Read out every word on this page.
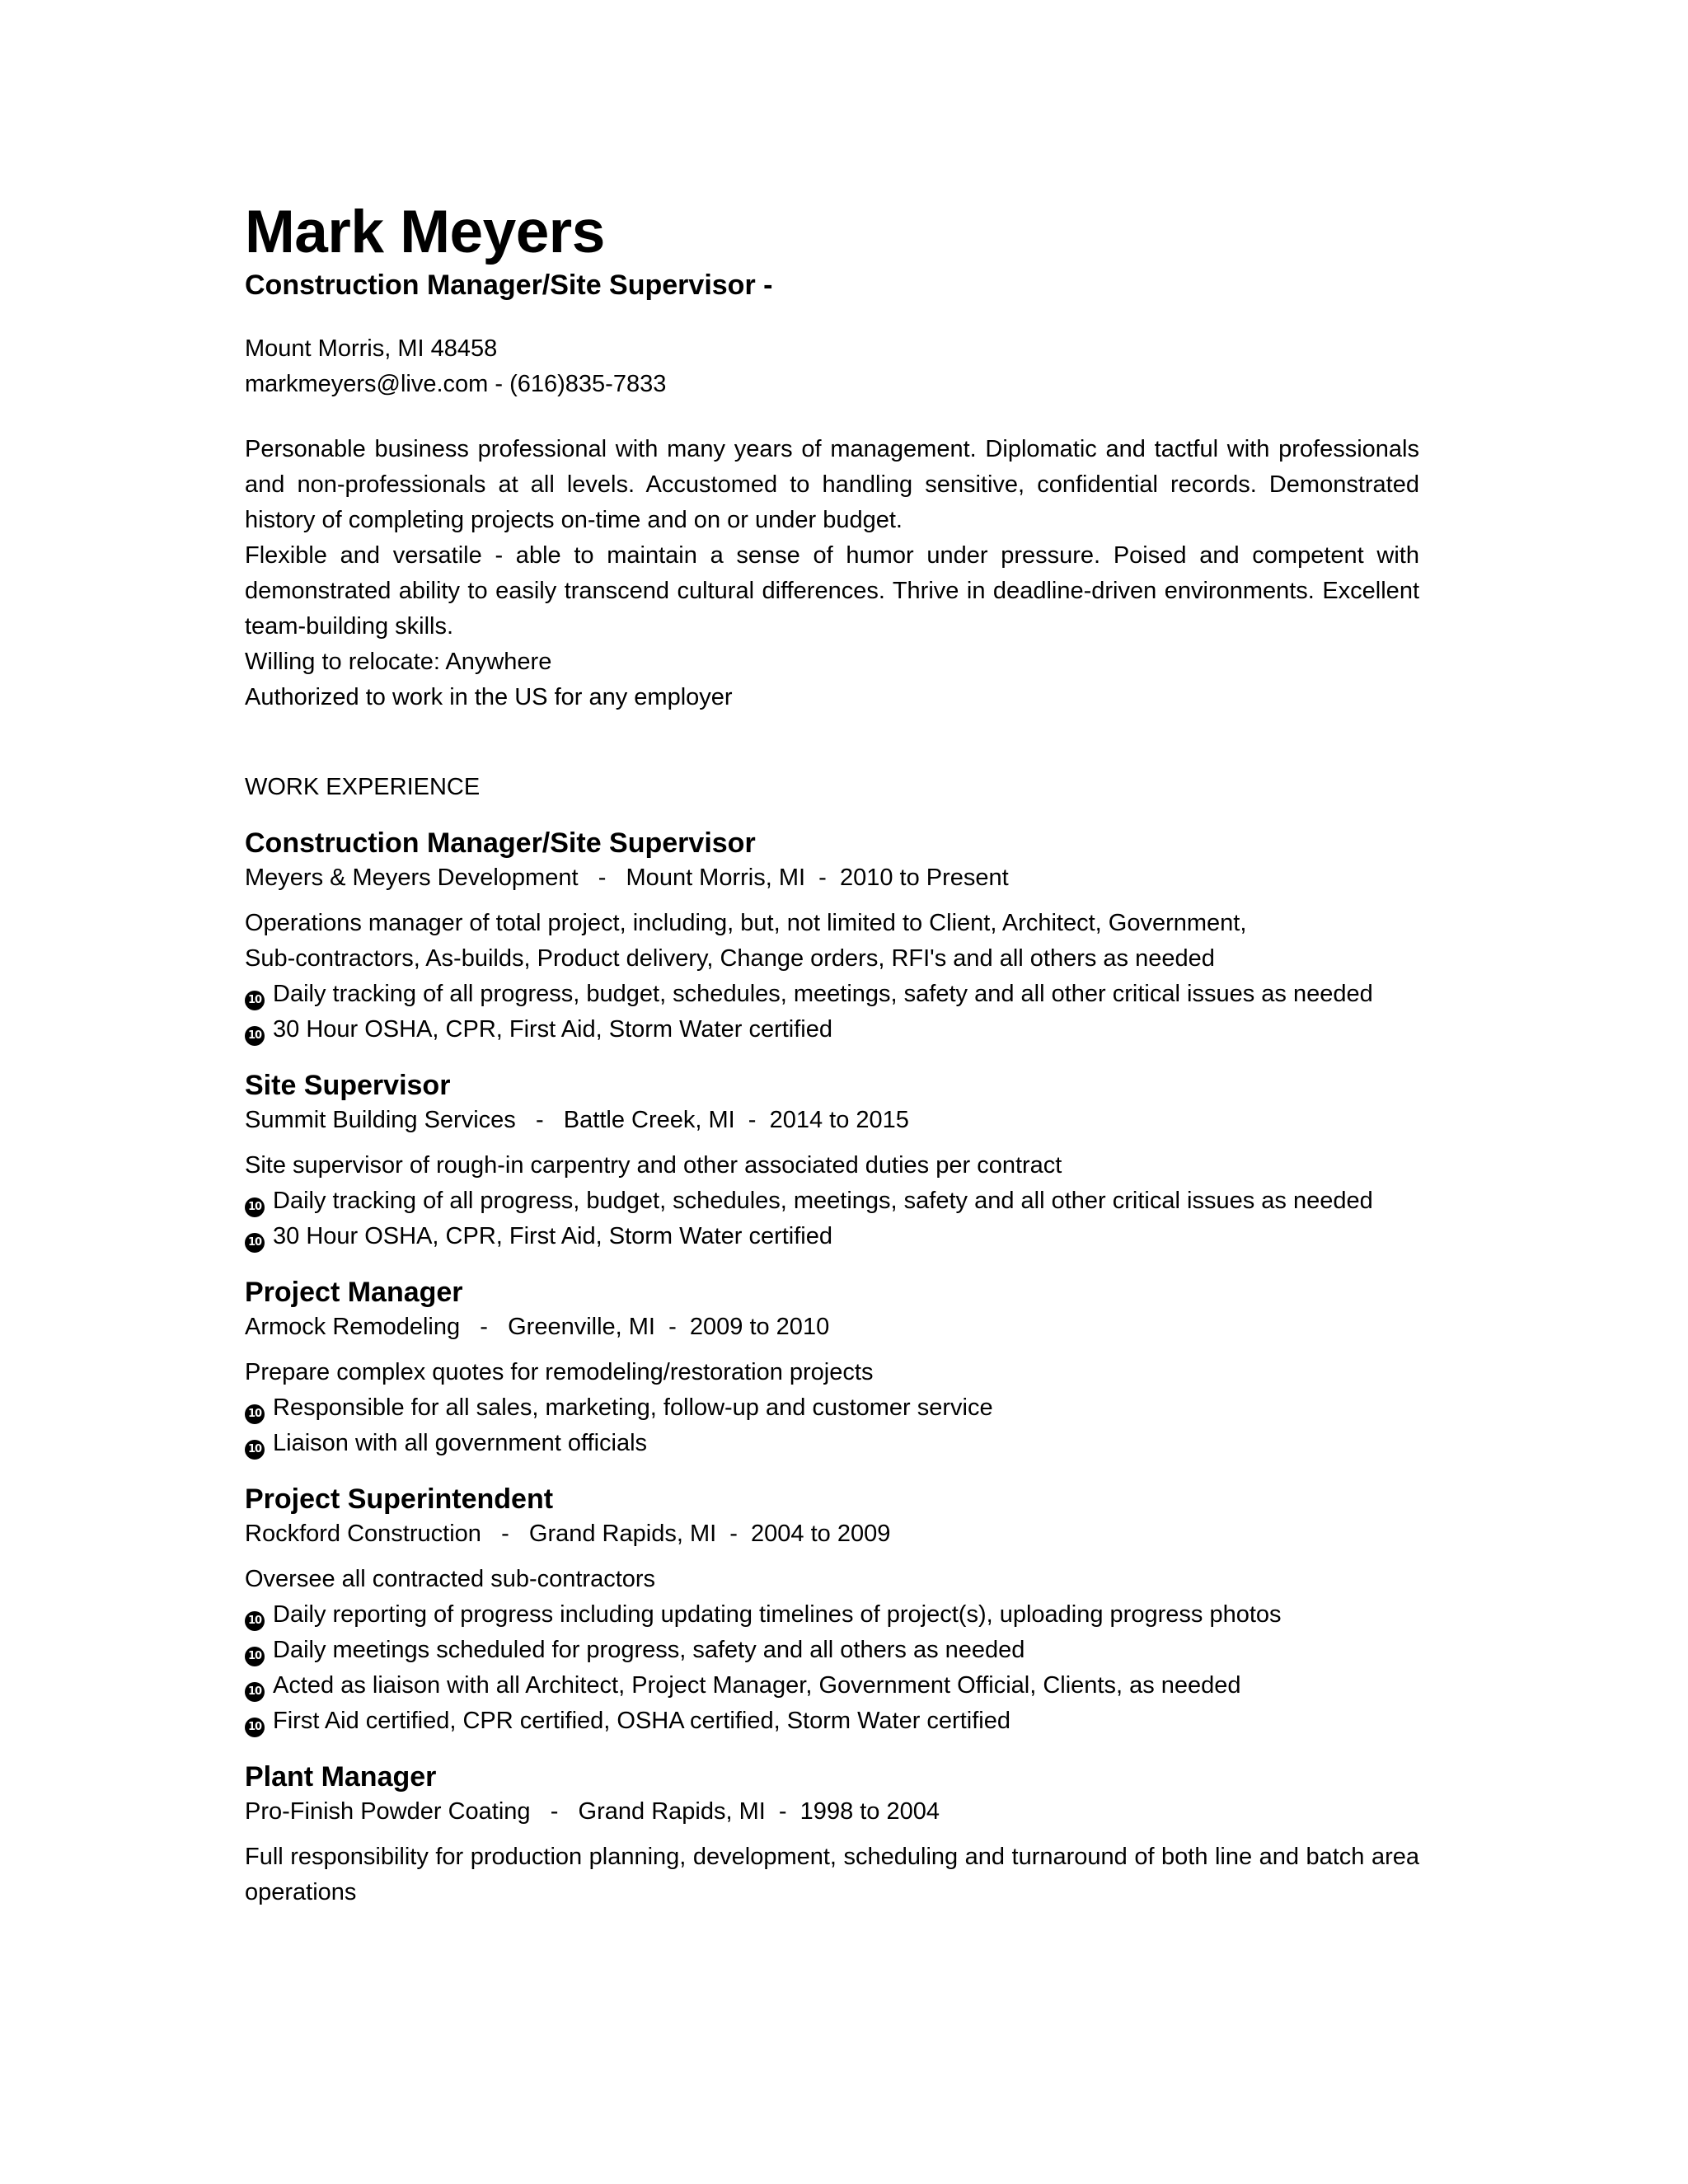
Mark Meyers
Construction Manager/Site Supervisor -
Mount Morris, MI 48458
markmeyers@live.com - (616)835-7833

Personable business professional with many years of management. Diplomatic and tactful with professionals and non-professionals at all levels. Accustomed to handling sensitive, confidential records. Demonstrated history of completing projects on-time and on or under budget.

Flexible and versatile - able to maintain a sense of humor under pressure. Poised and competent with demonstrated ability to easily transcend cultural differences. Thrive in deadline-driven environments. Excellent team-building skills.

Willing to relocate: Anywhere

Authorized to work in the US for any employer

WORK EXPERIENCE
Construction Manager/Site Supervisor
Meyers & Meyers Development   -   Mount Morris, MI  -  2010 to Present

Operations manager of total project, including, but, not limited to Client, Architect, Government, Sub-contractors, As-builds, Product delivery, Change orders, RFI's and all others as needed

10 Daily tracking of all progress, budget, schedules, meetings, safety and all other critical issues as needed
10 30 Hour OSHA, CPR, First Aid, Storm Water certified
Site Supervisor
Summit Building Services   -   Battle Creek, MI  -  2014 to 2015

Site supervisor of rough-in carpentry and other associated duties per contract

10 Daily tracking of all progress, budget, schedules, meetings, safety and all other critical issues as needed
10 30 Hour OSHA, CPR, First Aid, Storm Water certified
Project Manager
Armock Remodeling   -   Greenville, MI  -  2009 to 2010

Prepare complex quotes for remodeling/restoration projects

10 Responsible for all sales, marketing, follow-up and customer service
10 Liaison with all government officials
Project Superintendent
Rockford Construction   -   Grand Rapids, MI  -  2004 to 2009

Oversee all contracted sub-contractors

10 Daily reporting of progress including updating timelines of project(s), uploading progress photos
10 Daily meetings scheduled for progress, safety and all others as needed
10 Acted as liaison with all Architect, Project Manager, Government Official, Clients, as needed
10 First Aid certified, CPR certified, OSHA certified, Storm Water certified
Plant Manager
Pro-Finish Powder Coating   -   Grand Rapids, MI  -  1998 to 2004

Full responsibility for production planning, development, scheduling and turnaround of both line and batch area operations
